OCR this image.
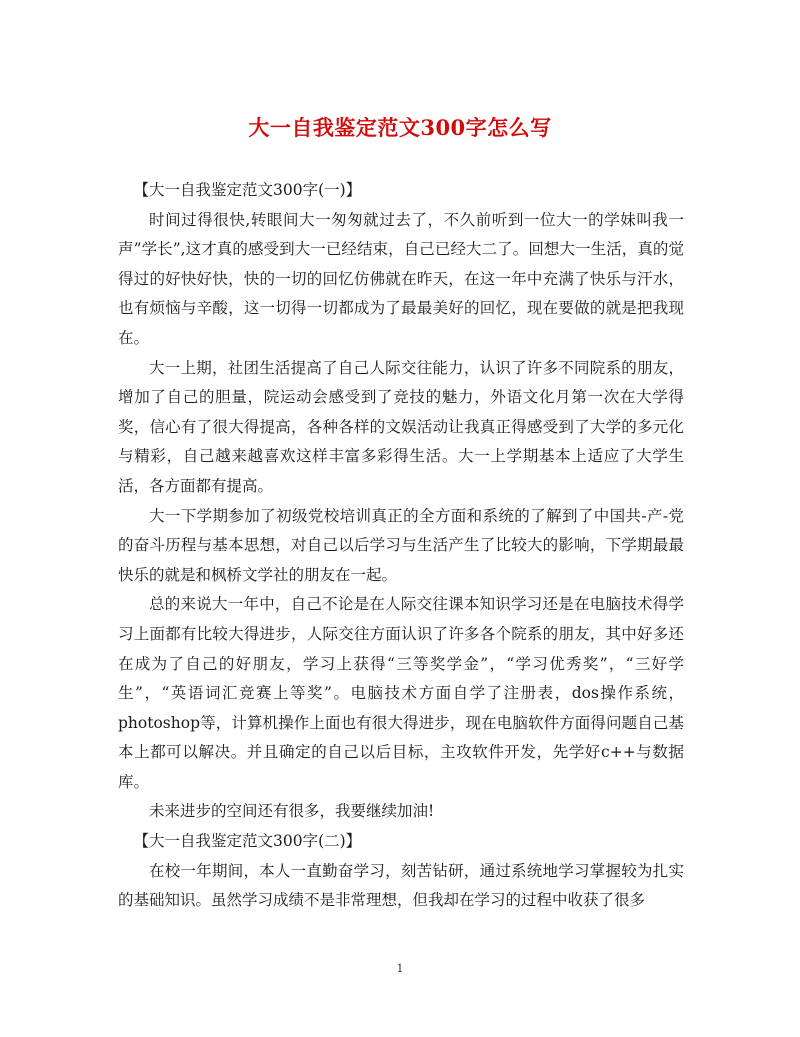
大一自我鉴定范文300字怎么写

【大一自我鉴定范文300字(一)】

时间过得很快,转眼间大一匆匆就过去了，不久前听到一位大一的学妹叫我一声”学长”,这才真的感受到大一已经结束，自己已经大二了。回想大一生活，真的觉得过的好快好快，快的一切的回忆仿佛就在昨天，在这一年中充满了快乐与汗水，也有烦恼与辛酸，这一切得一切都成为了最最美好的回忆，现在要做的就是把我现在。

大一上期，社团生活提高了自己人际交往能力，认识了许多不同院系的朋友，增加了自己的胆量，院运动会感受到了竞技的魅力，外语文化月第一次在大学得奖，信心有了很大得提高，各种各样的文娱活动让我真正得感受到了大学的多元化与精彩，自己越来越喜欢这样丰富多彩得生活。大一上学期基本上适应了大学生活，各方面都有提高。

大一下学期参加了初级党校培训真正的全方面和系统的了解到了中国共-产-党的奋斗历程与基本思想，对自己以后学习与生活产生了比较大的影响，下学期最最快乐的就是和枫桥文学社的朋友在一起。

总的来说大一年中，自己不论是在人际交往课本知识学习还是在电脑技术得学习上面都有比较大得进步，人际交往方面认识了许多各个院系的朋友，其中好多还在成为了自己的好朋友，学习上获得“三等奖学金”，“学习优秀奖”，“三好学生”，“英语词汇竞赛上等奖”。电脑技术方面自学了注册表，dos操作系统，photoshop等，计算机操作上面也有很大得进步，现在电脑软件方面得问题自己基本上都可以解决。并且确定的自己以后目标，主攻软件开发，先学好c++与数据库。

未来进步的空间还有很多，我要继续加油!

【大一自我鉴定范文300字(二)】

在校一年期间，本人一直勤奋学习，刻苦钻研，通过系统地学习掌握较为扎实的基础知识。虽然学习成绩不是非常理想，但我却在学习的过程中收获了很多

1
